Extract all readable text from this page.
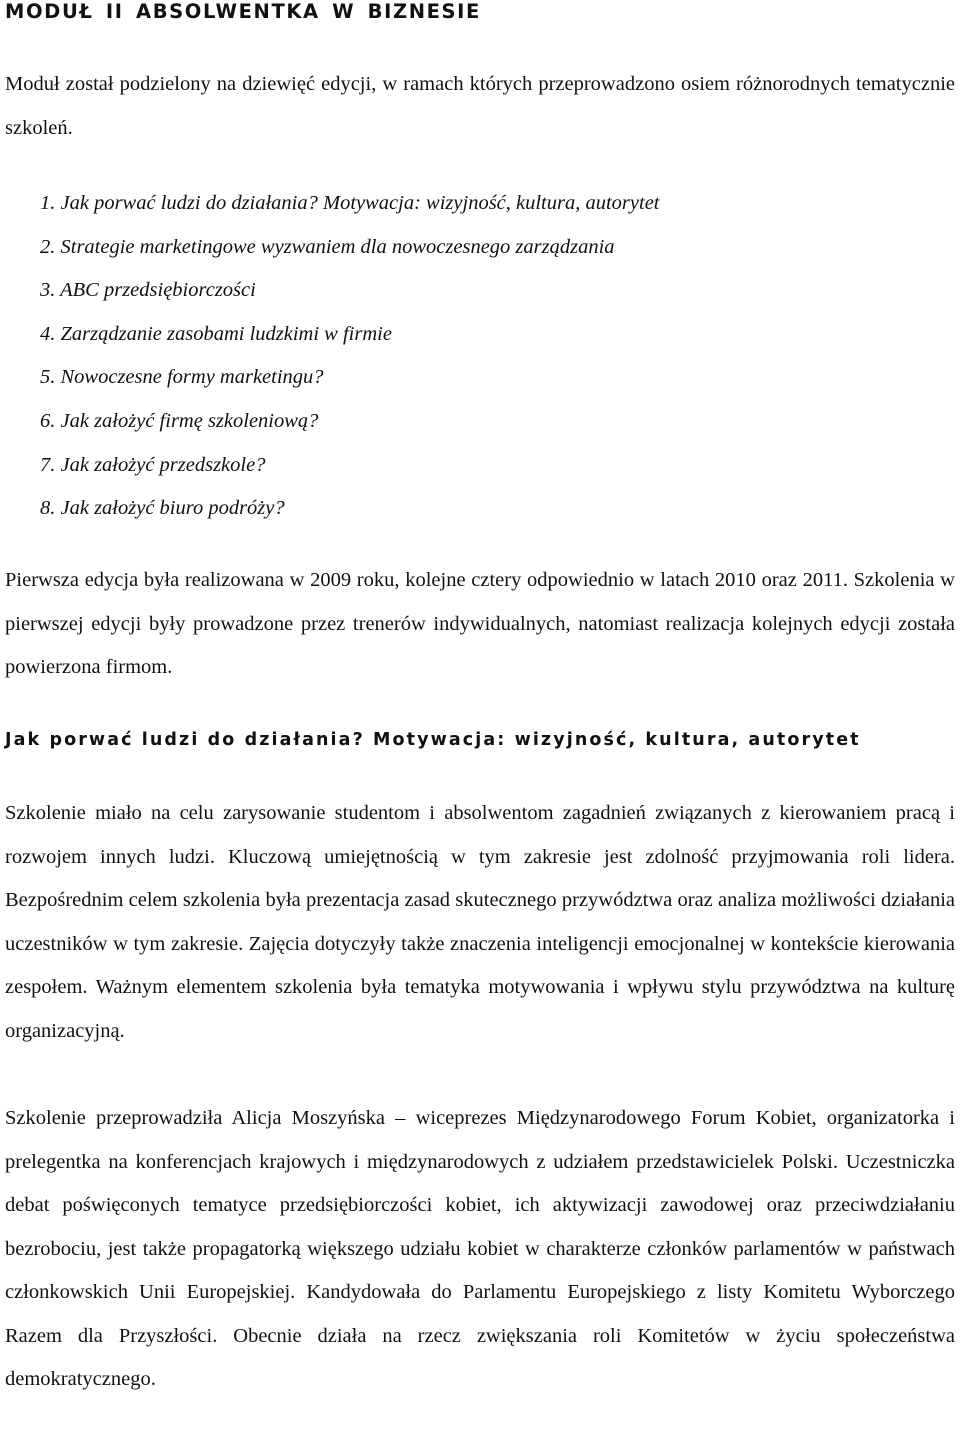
MODUŁ II ABSOLWENTKA W BIZNESIE

Moduł został podzielony na dziewięć edycji, w ramach których przeprowadzono osiem różnorodnych tematycznie szkoleń.

1. Jak porwać ludzi do działania? Motywacja: wizyjność, kultura, autorytet
2. Strategie marketingowe wyzwaniem dla nowoczesnego zarządzania
3. ABC przedsiębiorczości
4. Zarządzanie zasobami ludzkimi w firmie
5. Nowoczesne formy marketingu?
6. Jak założyć firmę szkoleniową?
7. Jak założyć przedszkole?
8. Jak założyć biuro podróży?

Pierwsza edycja była realizowana w 2009 roku, kolejne cztery odpowiednio w latach 2010 oraz 2011. Szkolenia w pierwszej edycji były prowadzone przez trenerów indywidualnych, natomiast realizacja kolejnych edycji została powierzona firmom.

Jak porwać ludzi do działania? Motywacja: wizyjność, kultura, autorytet

Szkolenie miało na celu zarysowanie studentom i absolwentom zagadnień związanych z kierowaniem pracą i rozwojem innych ludzi. Kluczową umiejętnością w tym zakresie jest zdolność przyjmowania roli lidera. Bezpośrednim celem szkolenia była prezentacja zasad skutecznego przywództwa oraz analiza możliwości działania uczestników w tym zakresie. Zajęcia dotyczyły także znaczenia inteligencji emocjonalnej w kontekście kierowania zespołem. Ważnym elementem szkolenia była tematyka motywowania i wpływu stylu przywództwa na kulturę organizacyjną.

Szkolenie przeprowadziła Alicja Moszyńska – wiceprezes Międzynarodowego Forum Kobiet, organizatorka i prelegentka na konferencjach krajowych i międzynarodowych z udziałem przedstawicielek Polski. Uczestniczka debat poświęconych tematyce przedsiębiorczości kobiet, ich aktywizacji zawodowej oraz przeciwdziałaniu bezrobociu, jest także propagatorką większego udziału kobiet w charakterze członków parlamentów w państwach członkowskich Unii Europejskiej. Kandydowała do Parlamentu Europejskiego z listy Komitetu Wyborczego Razem dla Przyszłości. Obecnie działa na rzecz zwiększania roli Komitetów w życiu społeczeństwa demokratycznego.
